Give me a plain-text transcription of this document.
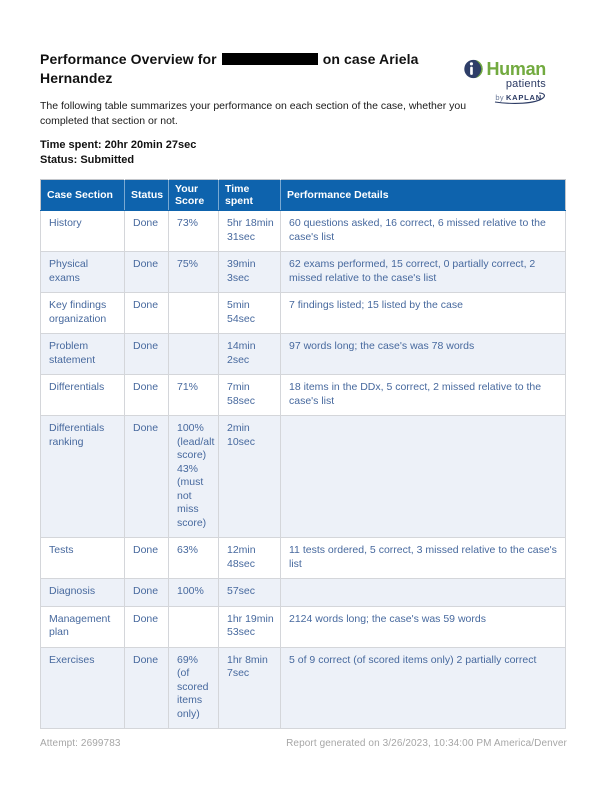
Human
patients
by KAPLAN
Performance Overview for	on case Ariela Hernandez

The following table summarizes your performance on each section of the case, whether you completed that section or not.

Time spent: 20hr 20min 27sec
Status: Submitted
Case Section	Status	Your Score	Time spent	Performance Details
History	Done	73%	5hr 18min 31sec	60 questions asked, 16 correct, 6 missed relative to the case's list
Physical exams	Done	75%	39min 3sec	62 exams performed, 15 correct, 0 partially correct, 2 missed relative to the case's list
Key findings organization	Done		5min 54sec	7 findings listed; 15 listed by the case
Problem statement	Done		14min 2sec	97 words long; the case's was 78 words
Differentials	Done	71%	7min 58sec	18 items in the DDx, 5 correct, 2 missed relative to the case's list
Differentials ranking	Done	100% (lead/alt score) 43% (must not miss score)	2min 10sec	
Tests	Done	63%	12min 48sec	11 tests ordered, 5 correct, 3 missed relative to the case's list
Diagnosis	Done	100%	57sec	
Management plan	Done		1hr 19min 53sec	2124 words long; the case's was 59 words
Exercises	Done	69% (of scored items only)	1hr 8min 7sec	5 of 9 correct (of scored items only) 2 partially correct
Attempt: 2699783	Report generated on 3/26/2023, 10:34:00 PM America/Denver
